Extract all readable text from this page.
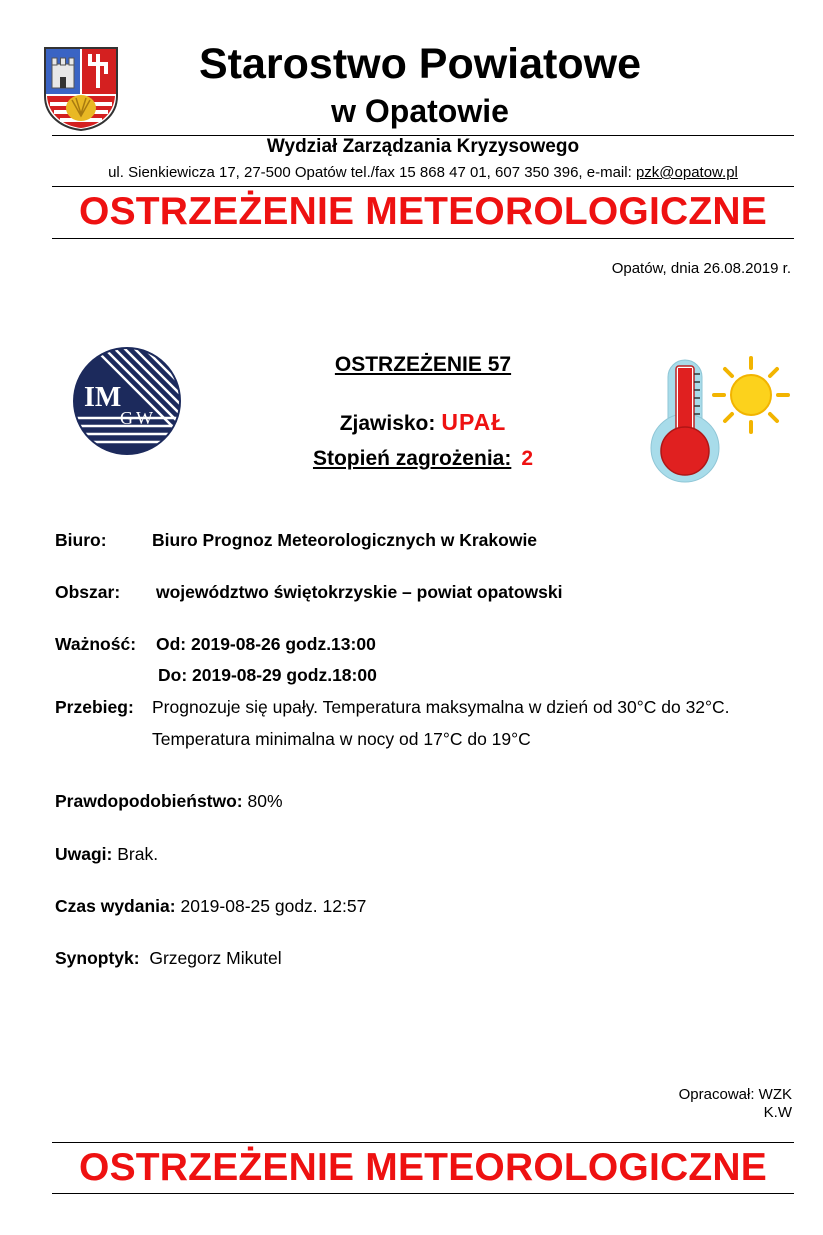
Starostwo Powiatowe
w Opatowie
Wydział Zarządzania Kryzysowego
ul. Sienkiewicza 17, 27-500 Opatów tel./fax 15 868 47 01, 607 350 396, e-mail: pzk@opatow.pl
OSTRZEŻENIE METEOROLOGICZNE
Opatów, dnia 26.08.2019 r.
IM
GW
OSTRZEŻENIE 57
Zjawisko: UPAŁ
Stopień zagrożenia: 2
Biuro:	Biuro Prognoz Meteorologicznych w Krakowie
Obszar: województwo świętokrzyskie – powiat opatowski
Ważność: Od: 2019-08-26 godz.13:00
Do: 2019-08-29 godz.18:00
Przebieg: Prognozuje się upały. Temperatura maksymalna w dzień od 30°C do 32°C.
Temperatura minimalna w nocy od 17°C do 19°C
Prawdopodobieństwo: 80%
Uwagi: Brak.
Czas wydania: 2019-08-25 godz. 12:57
Synoptyk: Grzegorz Mikutel
Opracował: WZK
K.W
OSTRZEŻENIE METEOROLOGICZNE
